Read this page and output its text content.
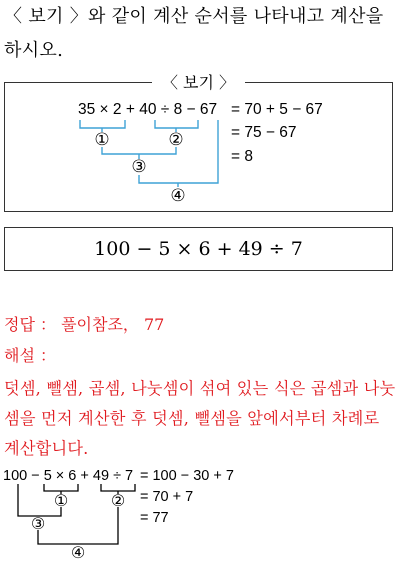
〈 보기 〉와 같이 계산 순서를 나타내고 계산을 하시오.
〈 보기 〉
35 × 2 + 40 ÷ 8 − 67 = 70 + 5 − 67
= 75 − 67
= 8
①	②
③
④
100 − 5 × 6 + 49 ÷ 7
정답 ： 풀이참조， 77
해설 ：
덧셈, 뺄셈, 곱셈, 나눗셈이 섞여 있는 식은 곱셈과 나눗셈을 먼저 계산한 후 덧셈, 뺄셈을 앞에서부터 차례로 계산합니다.
100 − 5 × 6 + 49 ÷ 7 = 100 − 30 + 7
= 70 + 7
= 77
①	②
③
④
